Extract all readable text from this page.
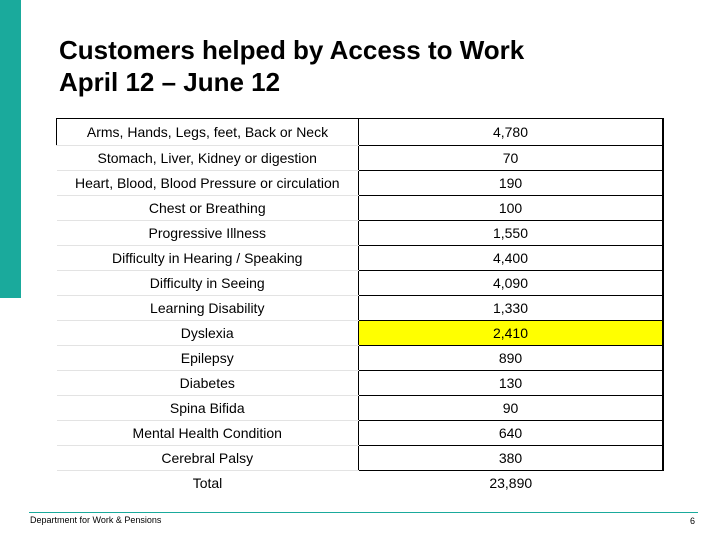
Customers helped by Access to Work
April 12 – June 12
Arms, Hands, Legs, feet, Back or Neck	4,780
Stomach, Liver, Kidney or digestion	70
Heart, Blood, Blood Pressure or circulation	190
Chest or Breathing	100
Progressive Illness	1,550
Difficulty in Hearing / Speaking	4,400
Difficulty in Seeing	4,090
Learning Disability	1,330
Dyslexia	2,410
Epilepsy	890
Diabetes	130
Spina Bifida	90
Mental Health Condition	640
Cerebral Palsy	380
Total	23,890
Department for Work & Pensions	6
